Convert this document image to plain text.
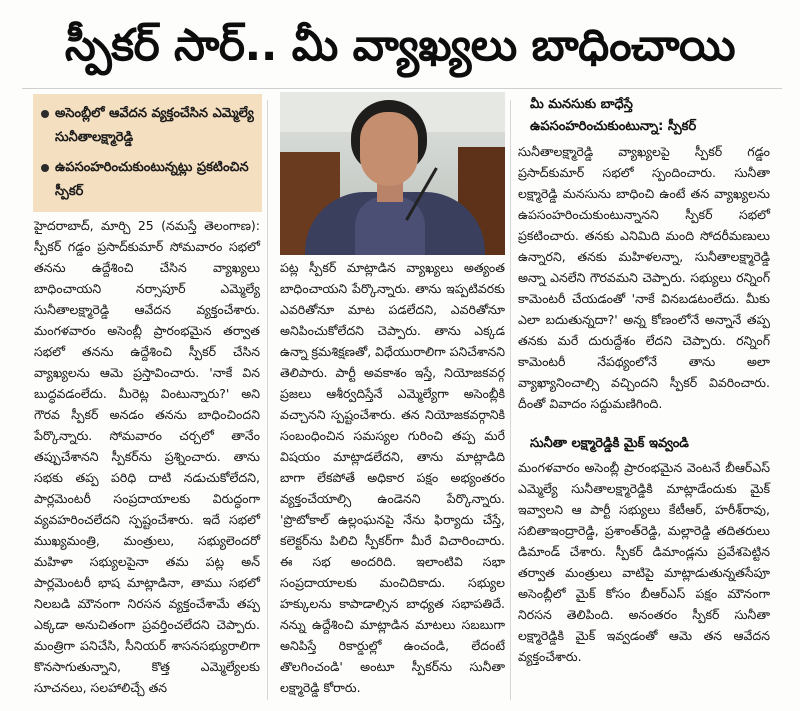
స్పీకర్ సార్.. మీ వ్యాఖ్యలు బాధించాయి
అసెంబ్లీలో ఆవేదన వ్యక్తంచేసిన ఎమ్మెల్యే సునీతాలక్ష్మారెడ్డి
ఉపసంహరించుకుంటున్నట్లు ప్రకటించిన స్పీకర్

హైదరాబాద్, మార్చి 25 (నమస్తే తెలంగాణ): స్పీకర్ గడ్డం ప్రసాద్‌కుమార్ సోమవారం సభలో తనను ఉద్దేశించి చేసిన వ్యాఖ్యలు బాధించాయని నర్సాపూర్ ఎమ్మెల్యే సునీతాలక్ష్మారెడ్డి ఆవేదన వ్యక్తంచేశారు. మంగళవారం అసెంబ్లీ ప్రారంభమైన తర్వాత సభలో తనను ఉద్దేశించి స్పీకర్ చేసిన వ్యాఖ్యలను ఆమె ప్రస్తావించారు. 'నాకే విన బుద్ధవడంలేదు. మీరెట్ల వింటున్నారు?' అని గౌరవ స్పీకర్ అనడం తనను బాధించిందని పేర్కొన్నారు. సోమవారం చర్చలో తానేం తప్పుచేశానని స్పీకర్‌ను ప్రశ్నించారు. తాను సభకు తప్ప పరిధి దాటి నడుచుకోలేదని, పార్లమెంటరీ సంప్రదాయాలకు విరుద్ధంగా వ్యవహరించలేదని స్పష్టంచేశారు. ఇదే సభలో ముఖ్యమంత్రి, మంత్రులు, సభ్యులెందరో మహిళా సభ్యులపైనా తమ పట్ల అన్ పార్లమెంటరీ భాష మాట్లాడినా, తాము సభలో నిలబడి మౌనంగా నిరసన వ్యక్తంచేశామే తప్ప ఎక్కడా అనుచితంగా ప్రవర్తించలేదని చెప్పారు. మంత్రిగా పనిచేసి, సీనియర్ శాసనసభ్యురాలిగా కొనసాగుతున్నాని, కొత్త ఎమ్మెల్యేలకు సూచనలు, సలహాలిచ్చే తన

పట్ల స్పీకర్ మాట్లాడిన వ్యాఖ్యలు అత్యంత బాధించాయని పేర్కొన్నారు. తాను ఇప్పటివరకు ఎవరితోనూ మాట పడలేదని, ఎవరితోనూ అనిపించుకోలేదని చెప్పారు. తాను ఎక్కడ ఉన్నా క్రమశిక్షణతో, విధేయురాలిగా పనిచేశానని తెలిపారు. పార్టీ అవకాశం ఇస్తే, నియోజకవర్గ ప్రజలు ఆశీర్వదిస్తేనే ఎమ్మెల్యేగా అసెంబ్లీకి వచ్చానని స్పష్టంచేశారు. తన నియోజకవర్గానికి సంబంధించిన సమస్యల గురించి తప్ప మరే విషయం మాట్లాడలేదని, తాను మాట్లాడిది బాగా లేకపోతే అధికార పక్షం అభ్యంతరం వ్యక్తంచేయాల్సి ఉండెనని పేర్కొన్నారు. 'ప్రొటోకాల్ ఉల్లంఘనపై నేను ఫిర్యాదు చేస్తే, కలెక్టర్‌ను పిలిచి స్పీకర్‌గా మీరే విచారించారు. ఈ సభ అందరిది. ఇలాంటివి సభా సంప్రదాయాలకు మంచిదికాదు. సభ్యుల హక్కులను కాపాడాల్సిన బాధ్యత సభాపతిదే. నన్ను ఉద్దేశించి మాట్లాడిన మాటలు సబబుగా అనిపిస్తే రికార్డుల్లో ఉంచండి, లేదంటే తొలగించండి' అంటూ స్పీకర్‌ను సునీతా లక్ష్మారెడ్డి కోరారు.

మీ మనసుకు బాధేస్తే ఉపసంహరించుకుంటున్నా: స్పీకర్

సునీతాలక్ష్మారెడ్డి వ్యాఖ్యలపై స్పీకర్ గడ్డం ప్రసాద్‌కుమార్ సభలో స్పందించారు. సునీతా లక్ష్మారెడ్డి మనసును బాధించి ఉంటే తన వ్యాఖ్యలను ఉపసంహరించుకుంటున్నానని స్పీకర్ సభలో ప్రకటించారు. తనకు ఎనిమిది మంది సోదరీమణులు ఉన్నారని, తనకు మహిళలన్నా, సునీతాలక్ష్మారెడ్డి అన్నా ఎనలేని గౌరవమని చెప్పారు. సభ్యులు రన్నింగ్ కామెంటరీ చేయడంతో 'నాకే వినబడటంలేదు. మీకు ఎలా బదుతున్నదా?' అన్న కోణంలోనే అన్నానే తప్ప తనకు మరే దురుద్దేశం లేదని చెప్పారు. రన్నింగ్ కామెంటరీ నేపథ్యంలోనే తాను అలా వ్యాఖ్యానించాల్సి వచ్చిందని స్పీకర్ వివరించారు. దీంతో వివాదం సద్దుమణిగింది.

సునీతా లక్ష్మారెడ్డికి మైక్ ఇవ్వండి

మంగళవారం అసెంబ్లీ ప్రారంభమైన వెంటనే బీఆర్‌ఎస్ ఎమ్మెల్యే సునీతాలక్ష్మారెడ్డికి మాట్లాడేందుకు మైక్ ఇవ్వాలని ఆ పార్టీ సభ్యులు కేటీఆర్, హరీశ్‌రావు, సబితాఇంద్రారెడ్డి, ప్రశాంత్‌రెడ్డి, మల్లారెడ్డి తదితరులు డిమాండ్ చేశారు. స్పీకర్ డిమాండ్లను ప్రవేశపెట్టిన తర్వాత మంత్రులు వాటిపై మాట్లాడుతున్నతసేపూ అసెంబ్లీలో మైక్ కోసం బీఆర్‌ఎస్ పక్షం మౌనంగా నిరసన తెలిపింది. అనంతరం స్పీకర్ సునీతా లక్ష్మారెడ్డికి మైక్ ఇవ్వడంతో ఆమె తన ఆవేదన వ్యక్తంచేశారు.
